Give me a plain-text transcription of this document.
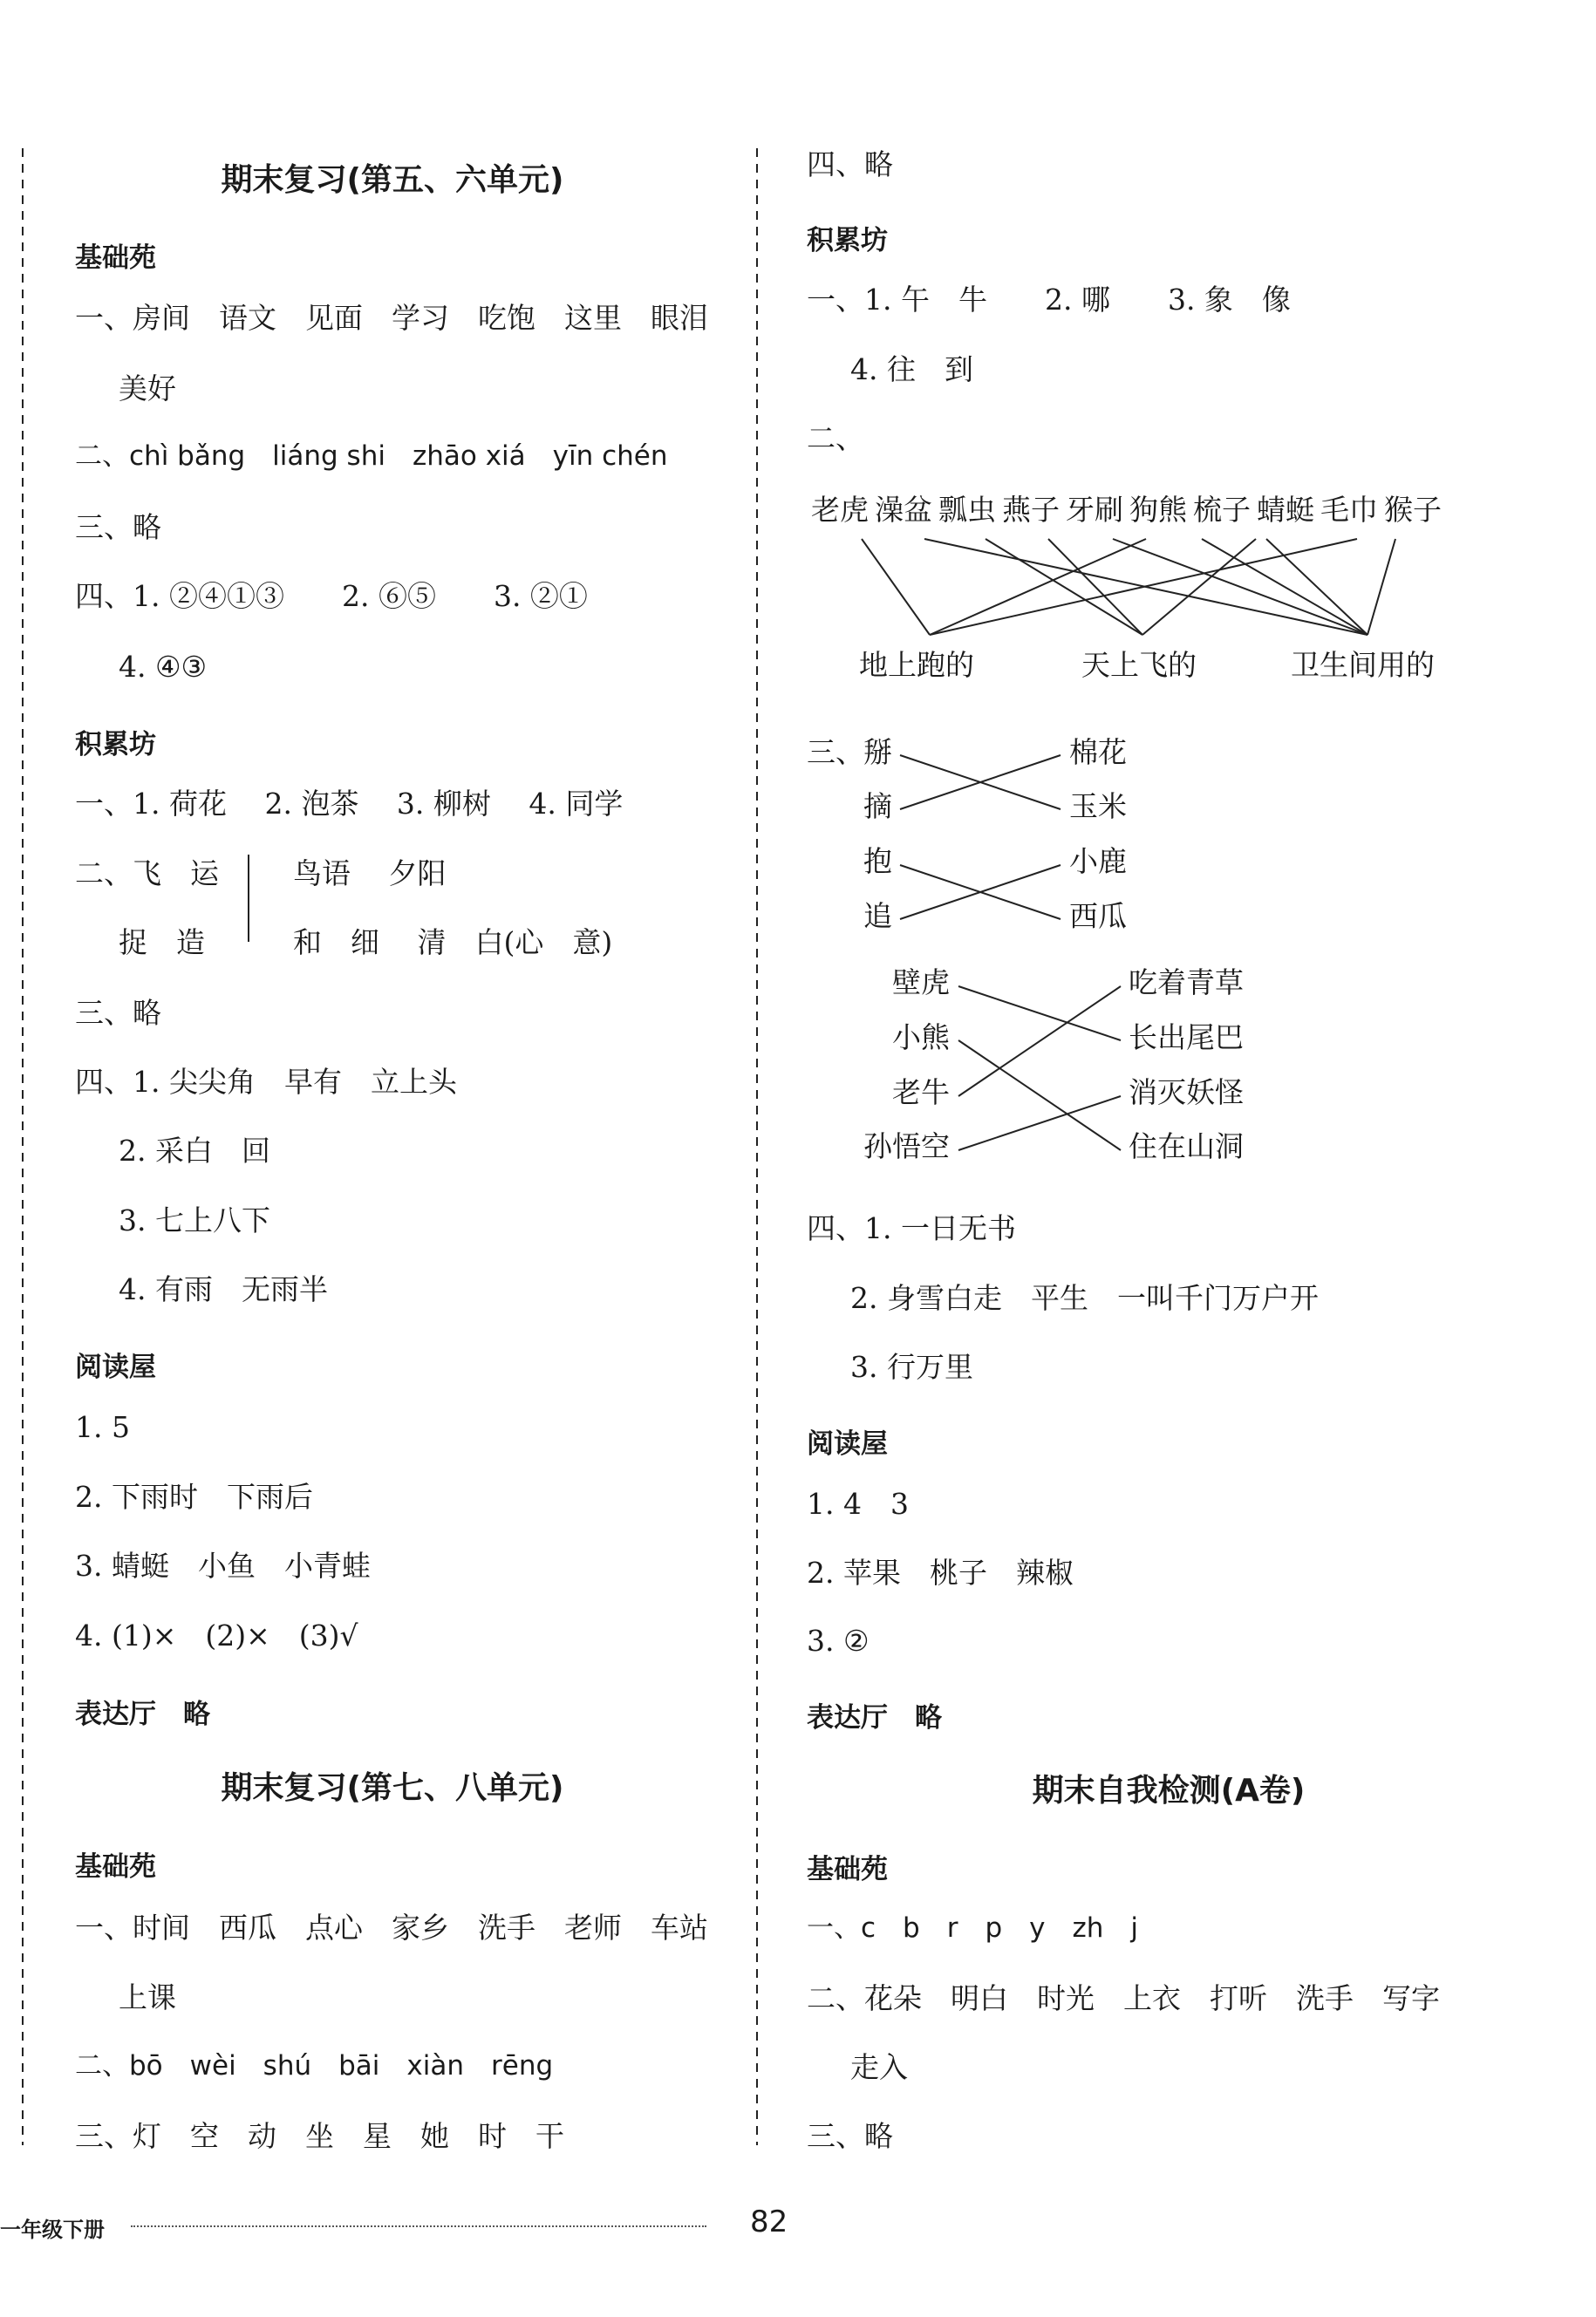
期末复习(第五、六单元)
基础苑
一、房间　语文　见面　学习　吃饱　这里　眼泪
美好
二、chì bǎng　liáng shi　zhāo xiá　yīn chén
三、略
四、1. ②④①③　　2. ⑥⑤　　3. ②①
4. ④③
积累坊
一、1. 荷花　 2. 泡茶　 3. 柳树　 4. 同学
二、飞　运	鸟语　 夕阳
捉　造	和　细　 清　白(心　意)
三、略
四、1. 尖尖角　早有　立上头
2. 采白　回
3. 七上八下
4. 有雨　无雨半
阅读屋
1. 5
2. 下雨时　下雨后
3. 蜻蜓　小鱼　小青蛙
4. (1)×　(2)×　(3)√
表达厅　略
期末复习(第七、八单元)
基础苑
一、时间　西瓜　点心　家乡　洗手　老师　车站
上课
二、bō　wèi　shú　bāi　xiàn　rēng
三、灯　空　动　坐　星　她　时　干
四、略
积累坊
一、1. 午　牛　　2. 哪　　3. 象　像
4. 往　到
二、
老虎 澡盆 瓢虫 燕子 牙刷 狗熊 梳子 蜻蜓 毛巾 猴子
地上跑的	天上飞的	卫生间用的
三、 掰
摘
抱
追
棉花
玉米
小鹿
西瓜
壁虎
小熊
老牛
孙悟空
吃着青草
长出尾巴
消灭妖怪
住在山洞
四、1. 一日无书
2. 身雪白走　平生　一叫千门万户开
3. 行万里
阅读屋
1. 4　3
2. 苹果　桃子　辣椒
3. ②
表达厅　略
期末自我检测(A卷)
基础苑
一、c　b　r　p　y　zh　j
二、花朵　明白　时光　上衣　打听　洗手　写字
走入
三、略
一年级下册	82
